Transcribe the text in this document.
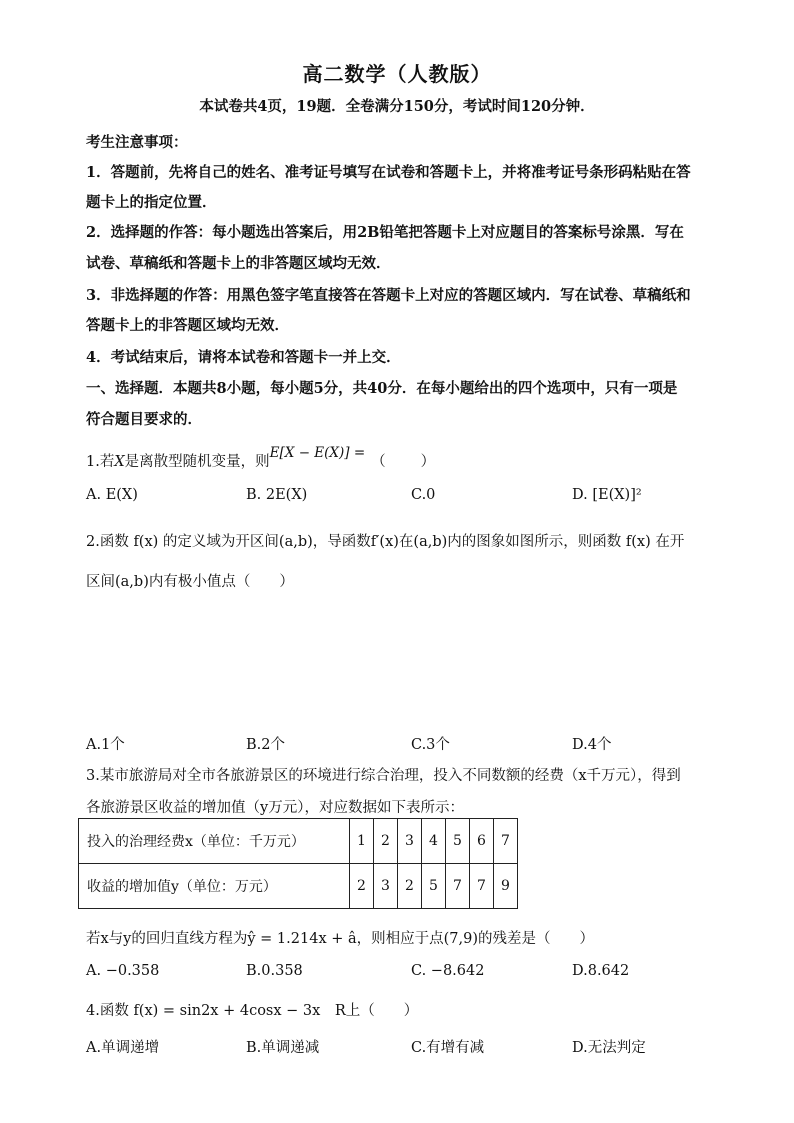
高二数学（人教版）
本试卷共4页，19题．全卷满分150分，考试时间120分钟．
考生注意事项：
1．答题前，先将自己的姓名、准考证号填写在试卷和答题卡上，并将准考证号条形码粘贴在答
题卡上的指定位置．
2．选择题的作答：每小题选出答案后，用2B铅笔把答题卡上对应题目的答案标号涂黑．写在
试卷、草稿纸和答题卡上的非答题区域均无效．
3．非选择题的作答：用黑色签字笔直接答在答题卡上对应的答题区域内．写在试卷、草稿纸和
答题卡上的非答题区域均无效．
4．考试结束后，请将本试卷和答题卡一并上交．
一、选择题．本题共8小题，每小题5分，共40分．在每小题给出的四个选项中，只有一项是
符合题目要求的．
1.若X是离散型随机变量，则E[X − E(X)] =（　　）
A. E(X)	B. 2E(X)	C.0	D. [E(X)]²
2.函数 f(x) 的定义域为开区间(a,b)，导函数f′(x)在(a,b)内的图象如图所示，则函数 f(x) 在开
区间(a,b)内有极小值点（　　）
A.1个	B.2个	C.3个	D.4个
3.某市旅游局对全市各旅游景区的环境进行综合治理，投入不同数额的经费（x千万元），得到
各旅游景区收益的增加值（y万元），对应数据如下表所示：
投入的治理经费x（单位：千万元）	1	2	3	4	5	6	7
收益的增加值y（单位：万元）	2	3	2	5	7	7	9
若x与y的回归直线方程为ŷ = 1.214x + â，则相应于点(7,9)的残差是（　　）
A. −0.358	B.0.358	C. −8.642	D.8.642
4.函数 f(x) = sin2x + 4cosx − 3x　R上（　　）
A.单调递增	B.单调递减	C.有增有减	D.无法判定
